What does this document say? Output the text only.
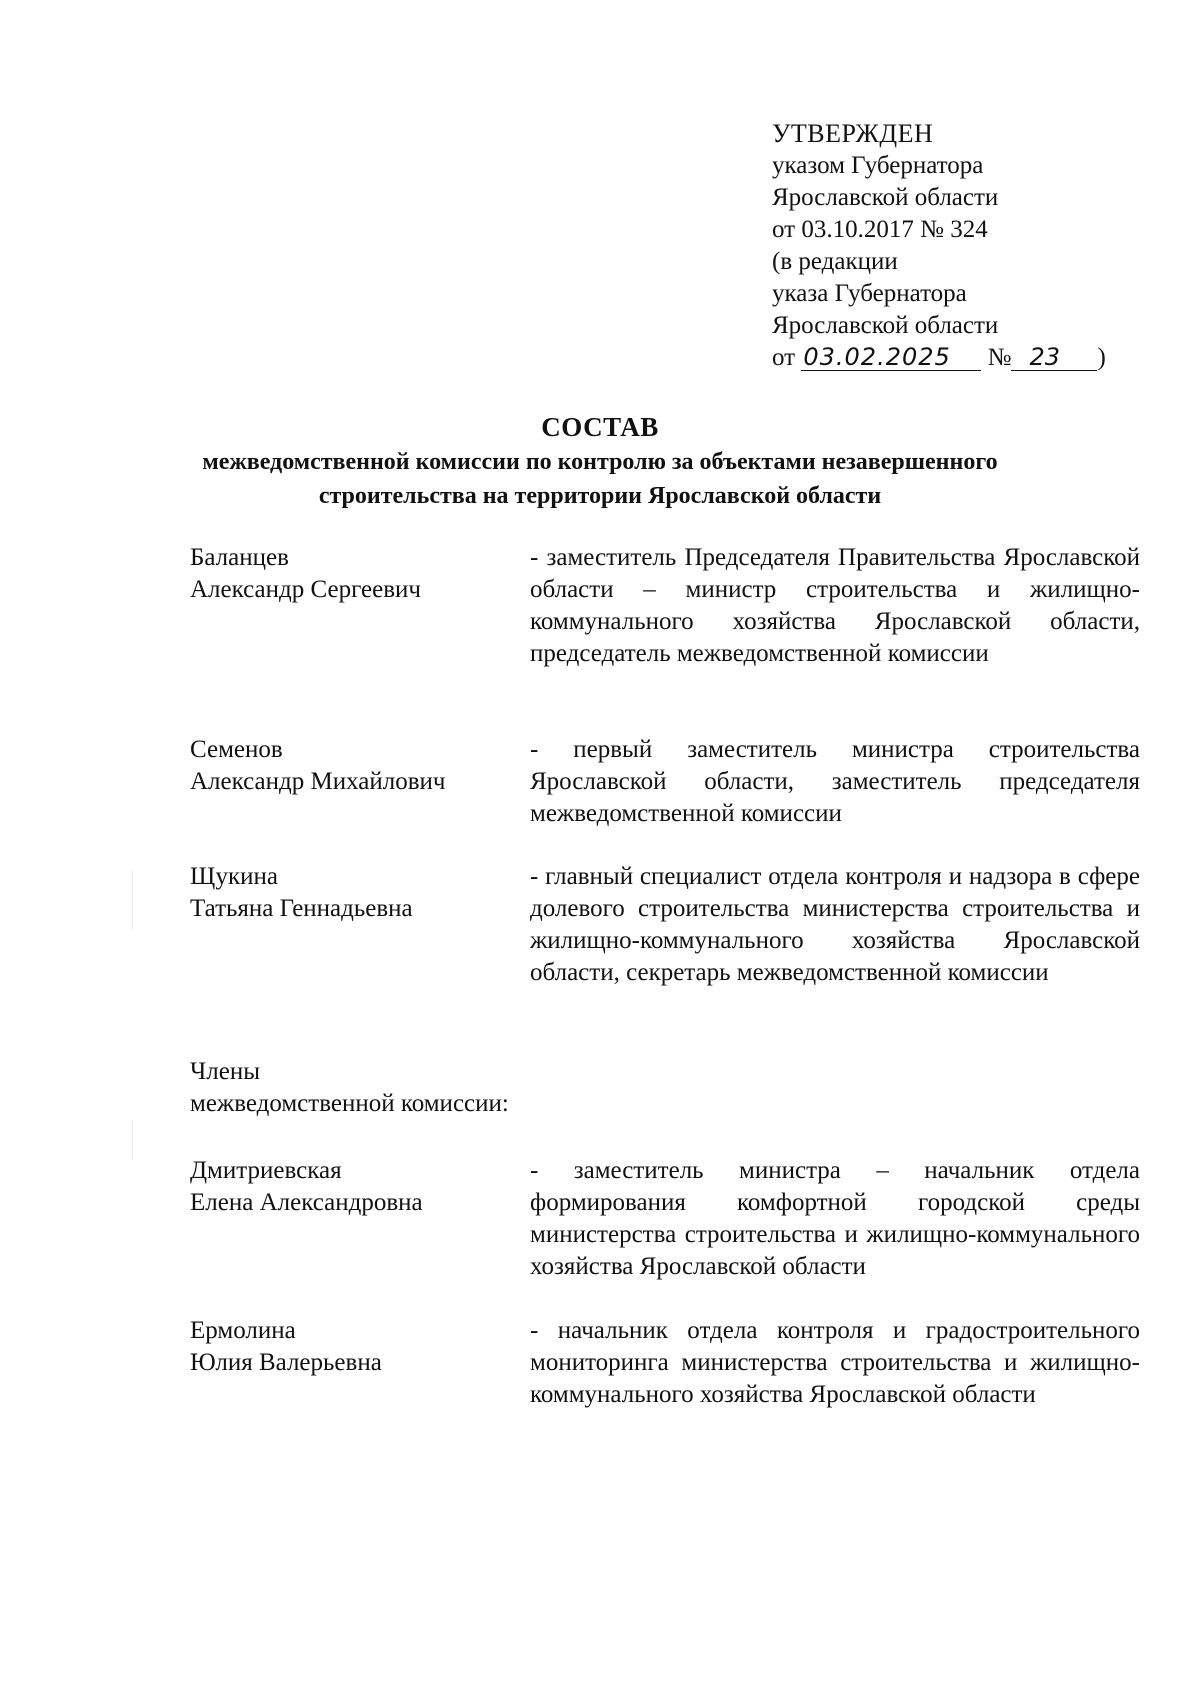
УТВЕРЖДЕН
указом Губернатора
Ярославской области
от 03.10.2017 № 324
(в редакции
указа Губернатора
Ярославской области
от 03.02.2025 № 23 )
СОСТАВ
межведомственной комиссии по контролю за объектами незавершенного
строительства на территории Ярославской области
Баланцев
Александр Сергеевич
- заместитель Председателя Правительства Ярославской области – министр строительства и жилищно-коммунального хозяйства Ярославской области, председатель межведомственной комиссии
Семенов
Александр Михайлович
- первый заместитель министра строительства Ярославской области, заместитель председателя межведомственной комиссии
Щукина
Татьяна Геннадьевна
- главный специалист отдела контроля и надзора в сфере долевого строительства министерства строительства и жилищно-коммунального хозяйства Ярославской области, секретарь межведомственной комиссии
Члены
межведомственной комиссии:
Дмитриевская
Елена Александровна
- заместитель министра – начальник отдела формирования комфортной городской среды министерства строительства и жилищно-коммунального хозяйства Ярославской области
Ермолина
Юлия Валерьевна
- начальник отдела контроля и градостроительного мониторинга министерства строительства и жилищно-коммунального хозяйства Ярославской области
